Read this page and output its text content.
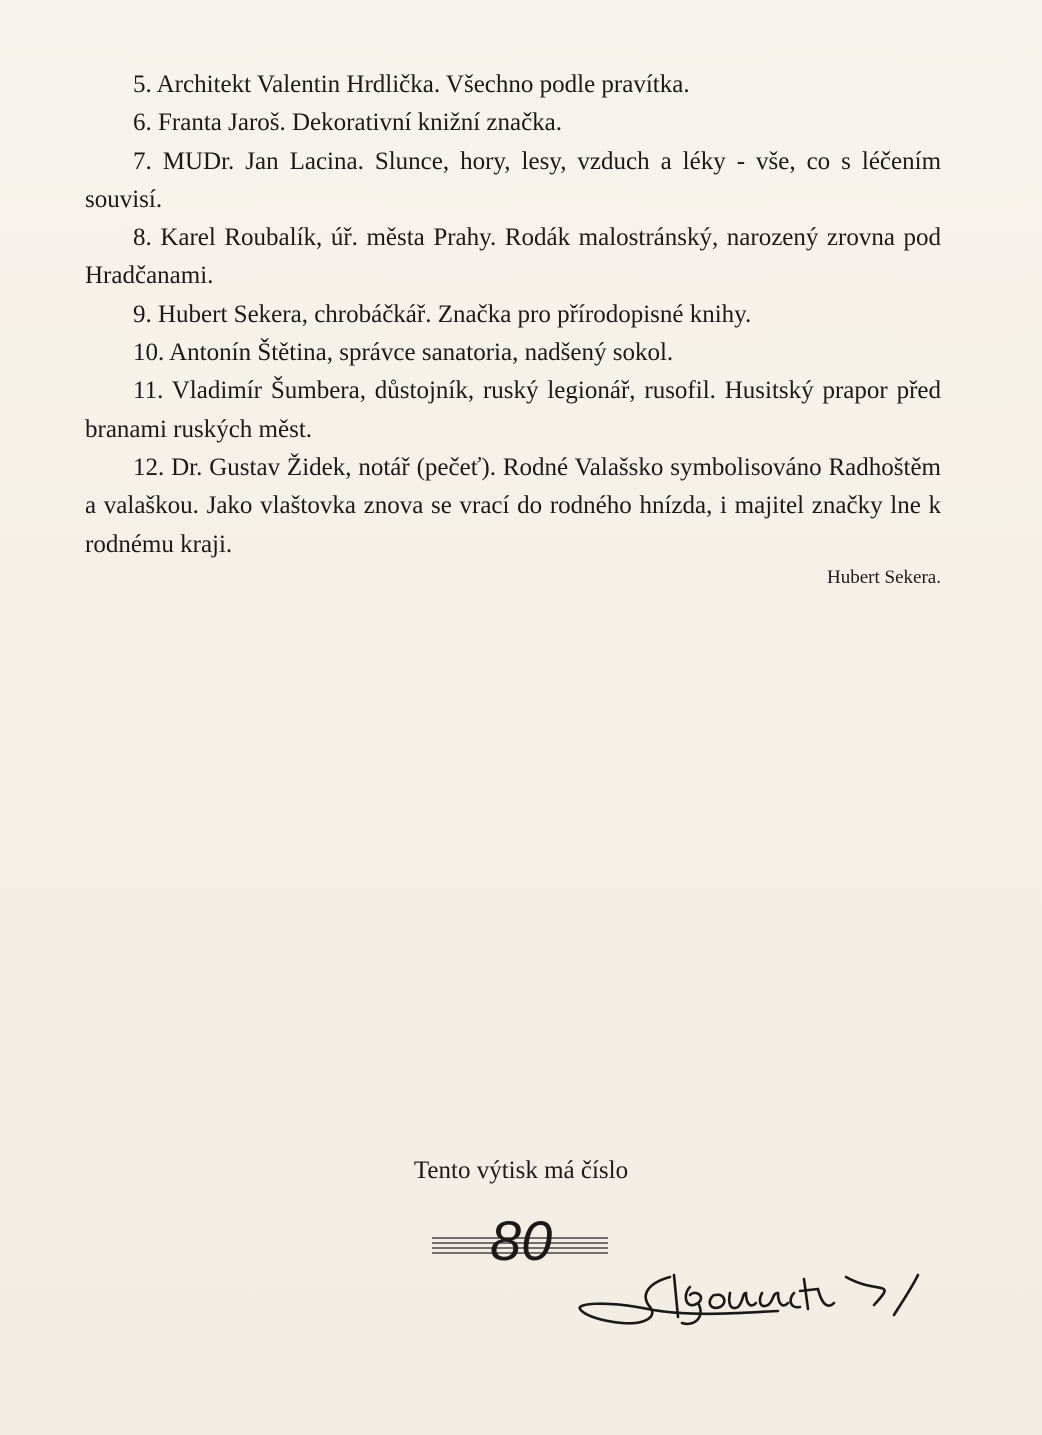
5. Architekt Valentin Hrdlička. Všechno podle pravítka.
6. Franta Jaroš. Dekorativní knižní značka.
7. MUDr. Jan Lacina. Slunce, hory, lesy, vzduch a léky - vše, co s léčením souvisí.
8. Karel Roubalík, úř. města Prahy. Rodák malostránský, narozený zrovna pod Hradčanami.
9. Hubert Sekera, chrobáčkář. Značka pro přírodopisné knihy.
10. Antonín Štětina, správce sanatoria, nadšený sokol.
11. Vladimír Šumbera, důstojník, ruský legionář, rusofil. Husitský prapor před branami ruských měst.
12. Dr. Gustav Židek, notář (pečeť). Rodné Valašsko symbolisováno Radhoštěm a valaškou. Jako vlaštovka znova se vrací do rodného hnízda, i majitel značky lne k rodnému kraji.
Hubert Sekera.
Tento výtisk má číslo
80
